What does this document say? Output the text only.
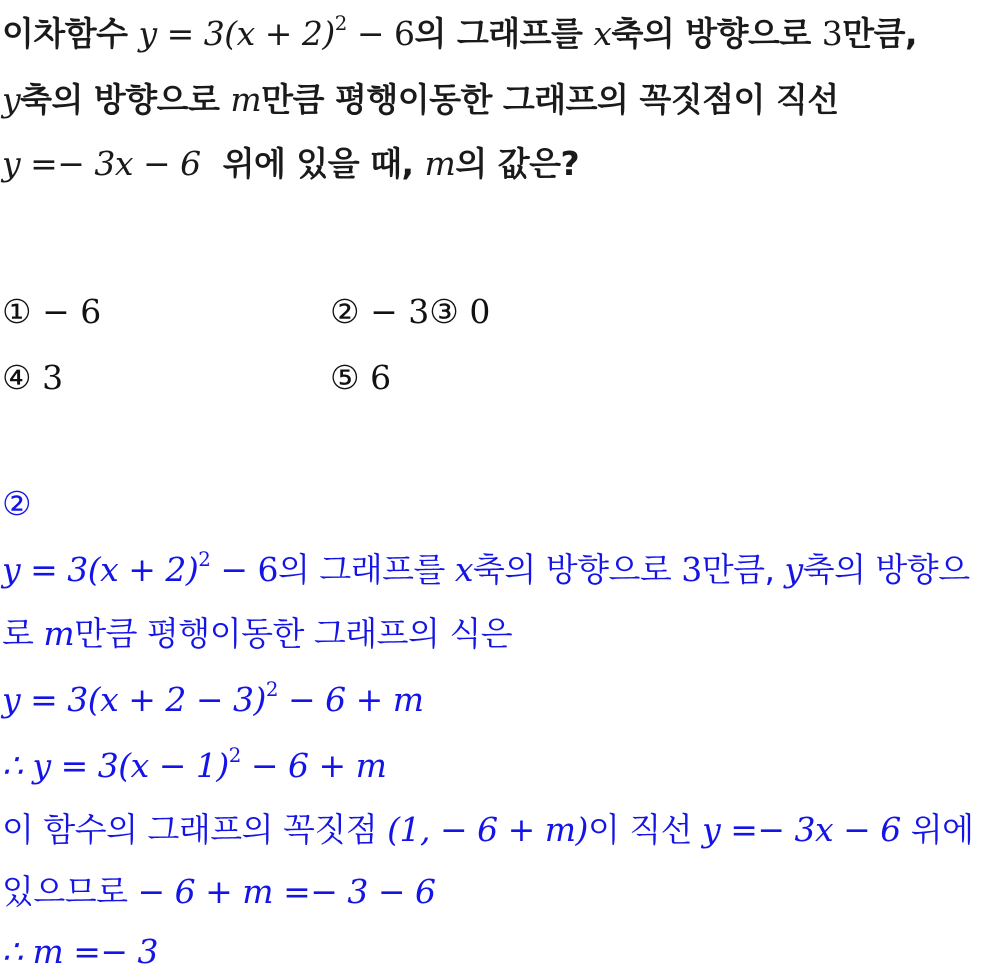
이차함수 $y = 3(x + 2)^2 - 6$의 그래프를 x축의 방향으로 3만큼,
y축의 방향으로 m만큼 평행이동한 그래프의 꼭짓점이 직선
y =− 3x − 6 위에 있을 때, m의 값은?
① − 6	② − 3③ 0
④ 3	⑤ 6
②
$y = 3(x + 2)^2 - 6$의 그래프를 x축의 방향으로 3만큼, y축의 방향으
로 m만큼 평행이동한 그래프의 식은
$y = 3(x + 2 - 3)^2 - 6 + m$
∴ $y = 3(x - 1)^2 - 6 + m$
이 함수의 그래프의 꼭짓점 (1, − 6 + m)이 직선 y =− 3x − 6 위에
있으므로 − 6 + m =− 3 − 6
∴ m =− 3
